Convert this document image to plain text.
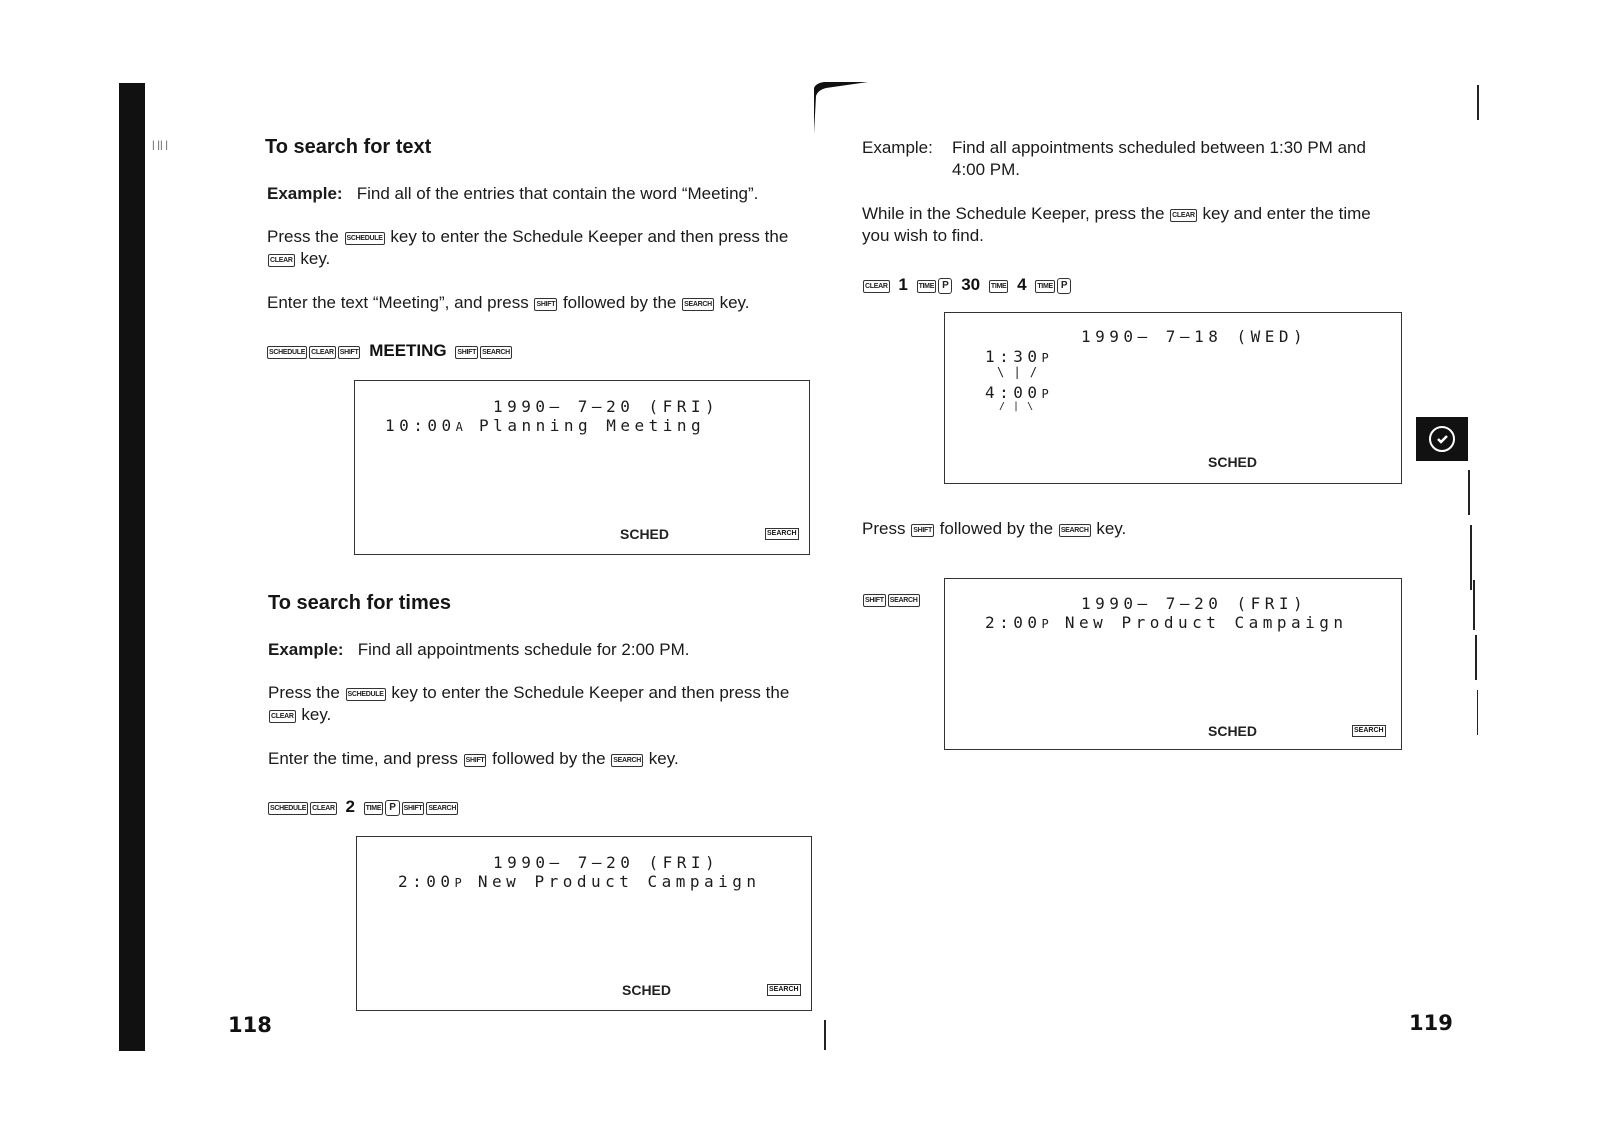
| || |	To search for text
Example: Find all of the entries that contain the word “Meeting”.
Press the SCHEDULE key to enter the Schedule Keeper and then press the
CLEAR key.
Enter the text “Meeting”, and press SHIFT followed by the SEARCH key.
SCHEDULE CLEAR SHIFT MEETING SHIFT SEARCH
1990— 7—20 (FRI)
10:00A Planning Meeting
SCHED	SEARCH
To search for times
Example: Find all appointments schedule for 2:00 PM.
Press the SCHEDULE key to enter the Schedule Keeper and then press the
CLEAR key.
Enter the time, and press SHIFT followed by the SEARCH key.
SCHEDULE CLEAR 2 TIME P SHIFT SEARCH
1990— 7—20 (FRI)
2:00P New Product Campaign
SCHED	SEARCH
118
Example: Find all appointments scheduled between 1:30 PM and
4:00 PM.
While in the Schedule Keeper, press the CLEAR key and enter the time
you wish to find.
CLEAR 1 TIME P 30 TIME 4 TIME P
1990— 7—18 (WED)
1:30P
\ | /
4:00P
/ | \
SCHED
Press SHIFT followed by the SEARCH key.
SHIFT SEARCH	1990— 7—20 (FRI)
2:00P New Product Campaign
SCHED	SEARCH
119
